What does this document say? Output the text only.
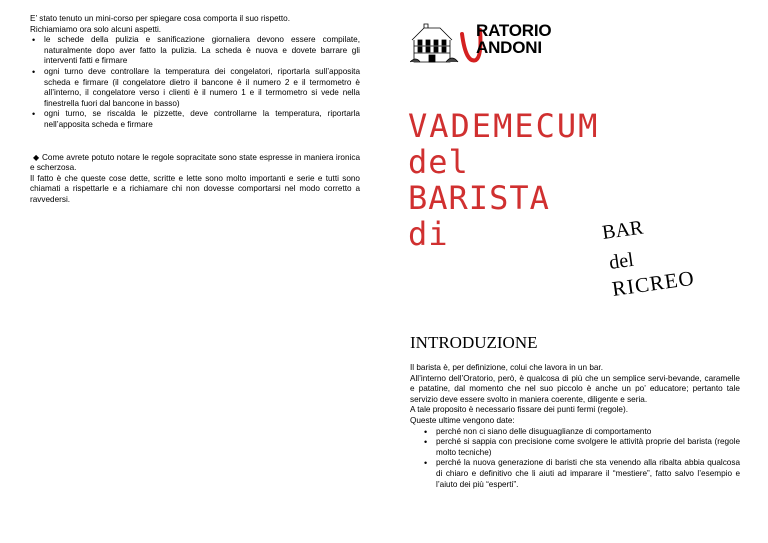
E’ stato tenuto un mini-corso per spiegare cosa comporta il suo rispetto.

Richiamiamo ora solo alcuni aspetti.

• le schede della pulizia e sanificazione giornaliera devono essere compilate, naturalmente dopo aver fatto la pulizia. La scheda è nuova e dovete barrare gli interventi fatti e firmare
• ogni turno deve controllare la temperatura dei congelatori, riportarla sull’apposita scheda e firmare (il congelatore dietro il bancone è il numero 2 e il termometro è all’interno, il congelatore verso i clienti è il numero 1 e il termometro si vede nella finestrella fuori dal bancone in basso)
• ogni turno, se riscalda le pizzette, deve controllarne la temperatura, riportarla nell’apposita scheda e firmare

◆ Come avrete potuto notare le regole sopracitate sono state espresse in maniera ironica e scherzosa.

Il fatto è che queste cose dette, scritte e lette sono molto importanti e serie e tutti sono chiamati a rispettarle e a richiamare chi non dovesse comportarsi nel modo corretto a ravvedersi.

RATORIO
ANDONI
VADEMECUM
del
BARISTA
di	BAR
del
RICREO
INTRODUZIONE

Il barista è, per definizione, colui che lavora in un bar.

All’interno dell’Oratorio, però, è qualcosa di più che un semplice servi-bevande, caramelle e patatine, dal momento che nel suo piccolo è anche un po’ educatore; pertanto tale servizio deve essere svolto in maniera coerente, diligente e seria.

A tale proposito è necessario fissare dei punti fermi (regole).

Queste ultime vengono date:

• perché non ci siano delle disuguaglianze di comportamento
• perché si sappia con precisione come svolgere le attività proprie del barista (regole molto tecniche)
• perché la nuova generazione di baristi che sta venendo alla ribalta abbia qualcosa di chiaro e definitivo che li aiuti ad imparare il “mestiere”, fatto salvo l’esempio e l’aiuto dei più “esperti”.
